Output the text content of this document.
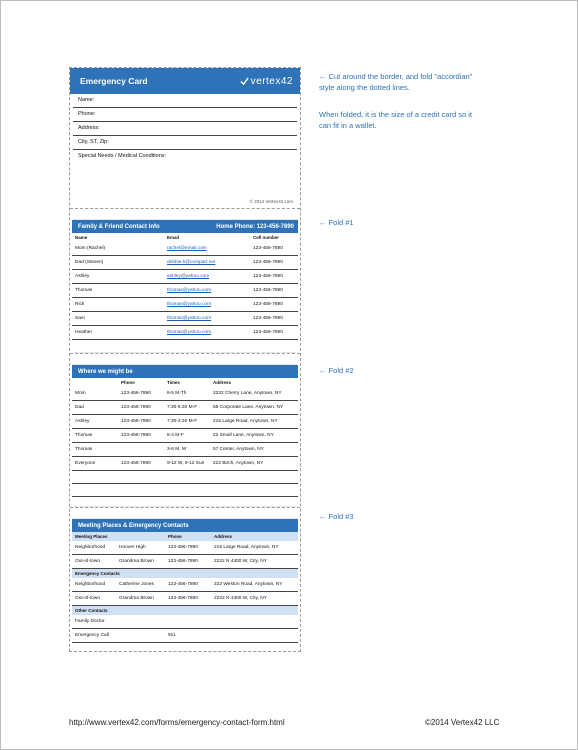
Emergency Card	vertex42
Name:
Phone:
Address:
City, ST, Zip:
Special Needs / Medical Conditions:
© 2014 Vertex42.com
Family & Friend Contact Info	Home Phone: 123-456-7890
Name	Email	Cell number
Mom (Rachel)	rachel@email.com	123-456-7890
Dad (Steven)	debbie.k@compart.net	123-456-7890
Ashley	ashley@yahoo.com	123-456-7890
Thomas	thomas@yahoo.com	123-456-7890
Rick	thomas@yahoo.com	123-456-7890
Sam	thomas@yahoo.com	123-456-7890
Heather	thomas@yahoo.com	123-456-7890
Where we might be
	Phone	Times	Address
Mom	123-456-7890	8-5 M-Th	2222 Cherry Lane, Anytown, NY
Dad	123-456-7890	7:30-5:30 M-F	55 Corporate Lane, Anytown, NY
Ashley	123-456-7890	7:30-2:30 M-F	215 Large Road, Anytown, NY
Thomas	123-456-7890	8-4 M-F	22 Small Lane, Anytown, NY
Thomas		3-6 M, W	57 Center, Anytown, NY
Everyone	123-456-7890	9-12 W, 9-12 Sun	222 Birch, Anytown, NY

Meeting Places & Emergency Contacts
Meeting Places		Phone	Address
Neighborhood	Hoover High	123-456-7890	215 Large Road, Anytown, NY
Out-of-town	Grandma Brown	123-456-7890	2222 N 4400 W, City, NY
Emergency Contacts			
Neighborhood	Catherine Jones	123-456-7890	222 Weston Road, Anytown, NY
Out-of-town	Grandma Brown	123-456-7890	2222 N 4400 W, City, NY
Other Contacts			
Family Doctor			
Emergency Call		911	
← Cut around the border, and fold "accordian" style along the dotted lines.
When folded, it is the size of a credit card so it can fit in a wallet.
← Fold #1
← Fold #2
← Fold #3
http://www.vertex42.com/forms/emergency-contact-form.html	©2014 Vertex42 LLC
